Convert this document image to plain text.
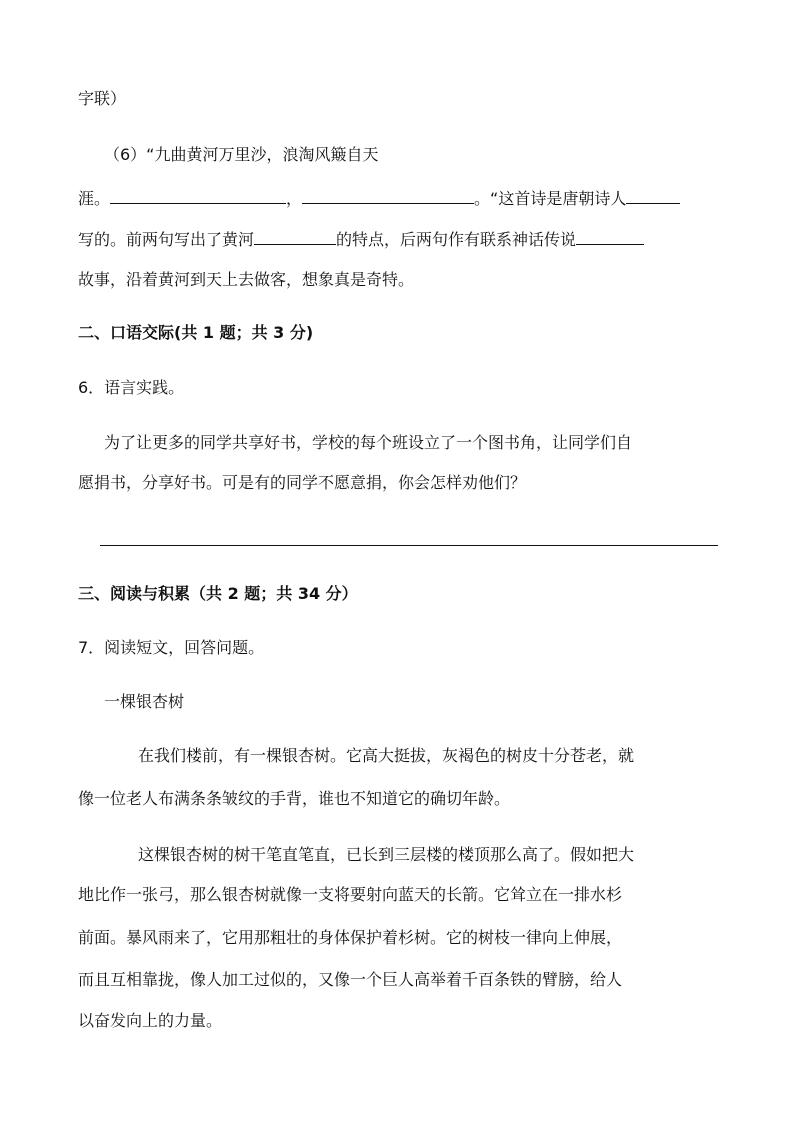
字联）
（6）“九曲黄河万里沙，浪淘风簸自天
涯。	，	。“这首诗是唐朝诗人
写的。前两句写出了黄河	的特点，后两句作有联系神话传说
故事，沿着黄河到天上去做客，想象真是奇特。
二、口语交际(共 1 题；共 3 分)
6．语言实践。
为了让更多的同学共享好书，学校的每个班设立了一个图书角，让同学们自
愿捐书，分享好书。可是有的同学不愿意捐，你会怎样劝他们？
三、阅读与积累（共 2 题；共 34 分）
7．阅读短文，回答问题。
一棵银杏树
在我们楼前，有一棵银杏树。它高大挺拔，灰褐色的树皮十分苍老，就
像一位老人布满条条皱纹的手背，谁也不知道它的确切年龄。
这棵银杏树的树干笔直笔直，已长到三层楼的楼顶那么高了。假如把大
地比作一张弓，那么银杏树就像一支将要射向蓝天的长箭。它耸立在一排水杉
前面。暴风雨来了，它用那粗壮的身体保护着杉树。它的树枝一律向上伸展，
而且互相靠拢，像人加工过似的，又像一个巨人高举着千百条铁的臂膀，给人
以奋发向上的力量。
